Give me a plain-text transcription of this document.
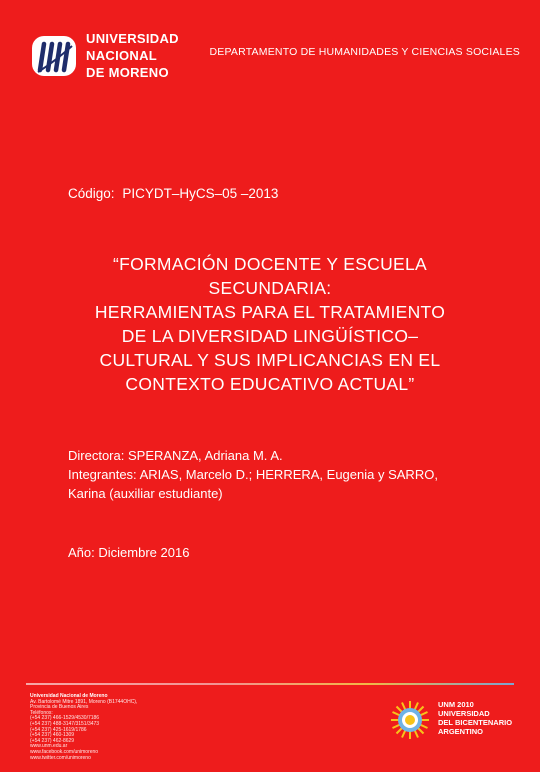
UNIVERSIDAD
NACIONAL
DE MORENO
DEPARTAMENTO DE HUMANIDADES Y CIENCIAS SOCIALES
Código: PICYDT–HyCS–05 –2013
“FORMACIÓN DOCENTE Y ESCUELA
SECUNDARIA:
HERRAMIENTAS PARA EL TRATAMIENTO
DE LA DIVERSIDAD LINGÜÍSTICO–
CULTURAL Y SUS IMPLICANCIAS EN EL
CONTEXTO EDUCATIVO ACTUAL”
Directora: SPERANZA, Adriana M. A.
Integrantes: ARIAS, Marcelo D.; HERRERA, Eugenia y SARRO,
Karina (auxiliar estudiante)
Año: Diciembre 2016
Universidad Nacional de Moreno
Av. Bartolomé Mitre 1891, Moreno (B1744OHC),
Provincia de Buenos Aires
Teléfonos:
(+54 237) 466-1529/4530/7186
(+54 237) 488-3147/3151/3473
(+54 237) 425-1619/1786
(+54 237) 460-1309
(+54 237) 462-8629
www.unm.edu.ar
www.facebook.com/unimoreno
www.twitter.com/unimoreno
UNM 2010
UNIVERSIDAD
DEL BICENTENARIO
ARGENTINO
